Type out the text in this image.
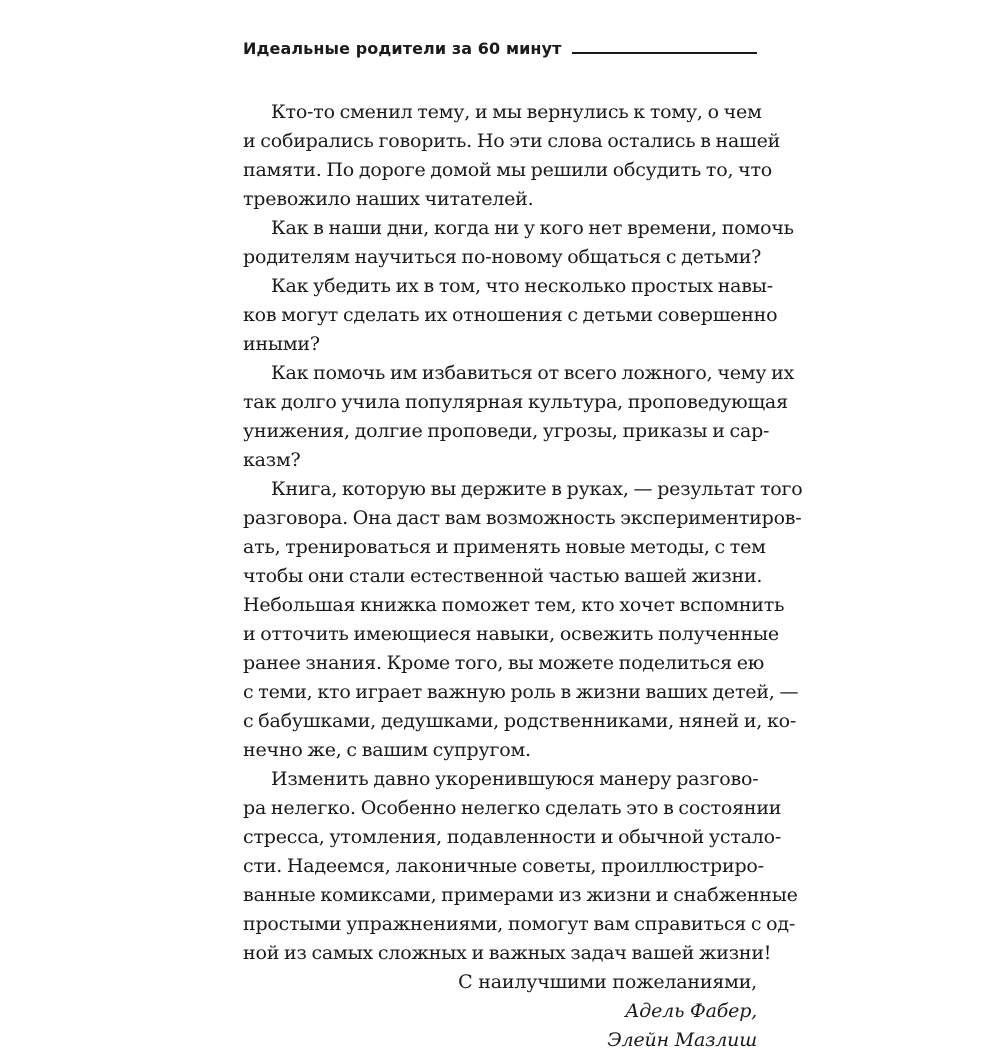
Идеальные родители за 60 минут
Кто-то сменил тему, и мы вернулись к тому, о чем
и собирались говорить. Но эти слова остались в нашей
памяти. По дороге домой мы решили обсудить то, что
тревожило наших читателей.
Как в наши дни, когда ни у кого нет времени, помочь
родителям научиться по-новому общаться с детьми?
Как убедить их в том, что несколько простых навы-
ков могут сделать их отношения с детьми совершенно
иными?
Как помочь им избавиться от всего ложного, чему их
так долго учила популярная культура, проповедующая
унижения, долгие проповеди, угрозы, приказы и сар-
казм?
Книга, которую вы держите в руках, — результат того
разговора. Она даст вам возможность экспериментиров-
ать, тренироваться и применять новые методы, с тем
чтобы они стали естественной частью вашей жизни.
Небольшая книжка поможет тем, кто хочет вспомнить
и отточить имеющиеся навыки, освежить полученные
ранее знания. Кроме того, вы можете поделиться ею
с теми, кто играет важную роль в жизни ваших детей, —
с бабушками, дедушками, родственниками, няней и, ко-
нечно же, с вашим супругом.
Изменить давно укоренившуюся манеру разгово-
ра нелегко. Особенно нелегко сделать это в состоянии
стресса, утомления, подавленности и обычной устало-
сти. Надеемся, лаконичные советы, проиллюстриро-
ванные комиксами, примерами из жизни и снабженные
простыми упражнениями, помогут вам справиться с од-
ной из самых сложных и важных задач вашей жизни!
С наилучшими пожеланиями,
Адель Фабер,
Элейн Мазлиш
